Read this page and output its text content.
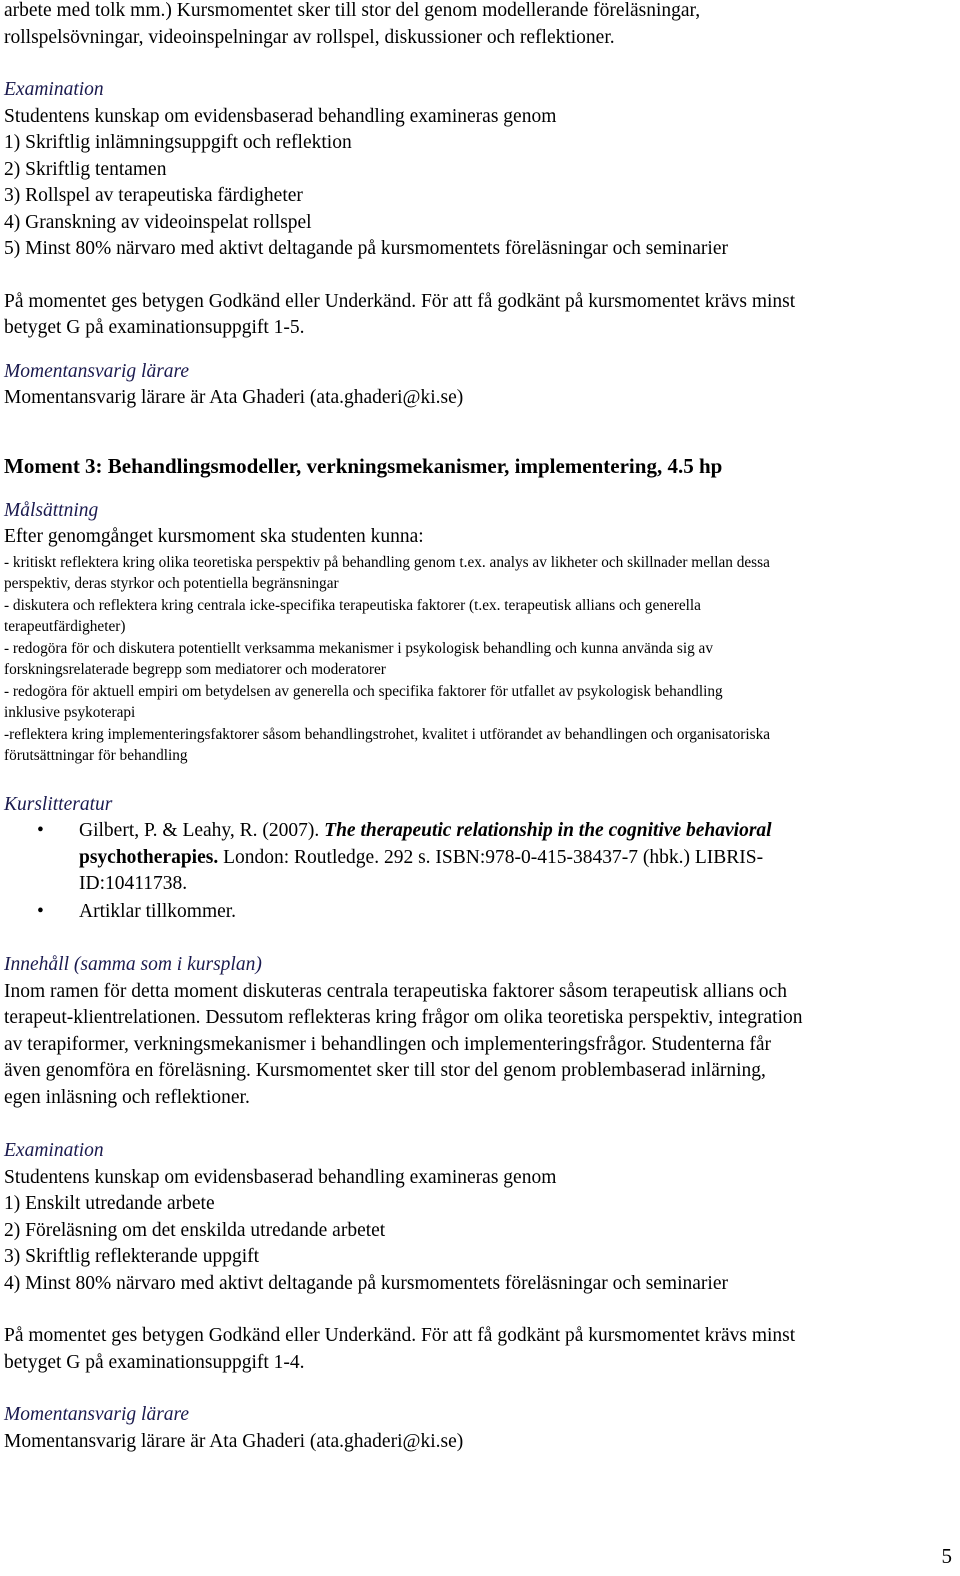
arbete med tolk mm.) Kursmomentet sker till stor del genom modellerande föreläsningar,

rollspelsövningar, videoinspelningar av rollspel, diskussioner och reflektioner.

Examination

Studentens kunskap om evidensbaserad behandling examineras genom

1) Skriftlig inlämningsuppgift och reflektion

2) Skriftlig tentamen

3) Rollspel av terapeutiska färdigheter

4) Granskning av videoinspelat rollspel

5) Minst 80% närvaro med aktivt deltagande på kursmomentets föreläsningar och seminarier

På momentet ges betygen Godkänd eller Underkänd. För att få godkänt på kursmomentet krävs minst

betyget G på examinationsuppgift 1-5.

Momentansvarig lärare

Momentansvarig lärare är Ata Ghaderi (ata.ghaderi@ki.se)

Moment 3: Behandlingsmodeller, verkningsmekanismer, implementering, 4.5 hp

Målsättning

Efter genomgånget kursmoment ska studenten kunna:

- kritiskt reflektera kring olika teoretiska perspektiv på behandling genom t.ex. analys av likheter och skillnader mellan dessa

perspektiv, deras styrkor och potentiella begränsningar

- diskutera och reflektera kring centrala icke-specifika terapeutiska faktorer (t.ex. terapeutisk allians och generella

terapeutfärdigheter)

- redogöra för och diskutera potentiellt verksamma mekanismer i psykologisk behandling och kunna använda sig av

forskningsrelaterade begrepp som mediatorer och moderatorer

- redogöra för aktuell empiri om betydelsen av generella och specifika faktorer för utfallet av psykologisk behandling

inklusive psykoterapi

-reflektera kring implementeringsfaktorer såsom behandlingstrohet, kvalitet i utförandet av behandlingen och organisatoriska

förutsättningar för behandling

Kurslitteratur

• Gilbert, P. & Leahy, R. (2007). The therapeutic relationship in the cognitive behavioral
psychotherapies. London: Routledge. 292 s. ISBN:978-0-415-38437-7 (hbk.) LIBRIS-
ID:10411738.
• Artiklar tillkommer.

Innehåll (samma som i kursplan)

Inom ramen för detta moment diskuteras centrala terapeutiska faktorer såsom terapeutisk allians och

terapeut-klientrelationen. Dessutom reflekteras kring frågor om olika teoretiska perspektiv, integration

av terapiformer, verkningsmekanismer i behandlingen och implementeringsfrågor. Studenterna får

även genomföra en föreläsning. Kursmomentet sker till stor del genom problembaserad inlärning,

egen inläsning och reflektioner.

Examination

Studentens kunskap om evidensbaserad behandling examineras genom

1) Enskilt utredande arbete

2) Föreläsning om det enskilda utredande arbetet

3) Skriftlig reflekterande uppgift

4) Minst 80% närvaro med aktivt deltagande på kursmomentets föreläsningar och seminarier

På momentet ges betygen Godkänd eller Underkänd. För att få godkänt på kursmomentet krävs minst

betyget G på examinationsuppgift 1-4.

Momentansvarig lärare

Momentansvarig lärare är Ata Ghaderi (ata.ghaderi@ki.se)

5
